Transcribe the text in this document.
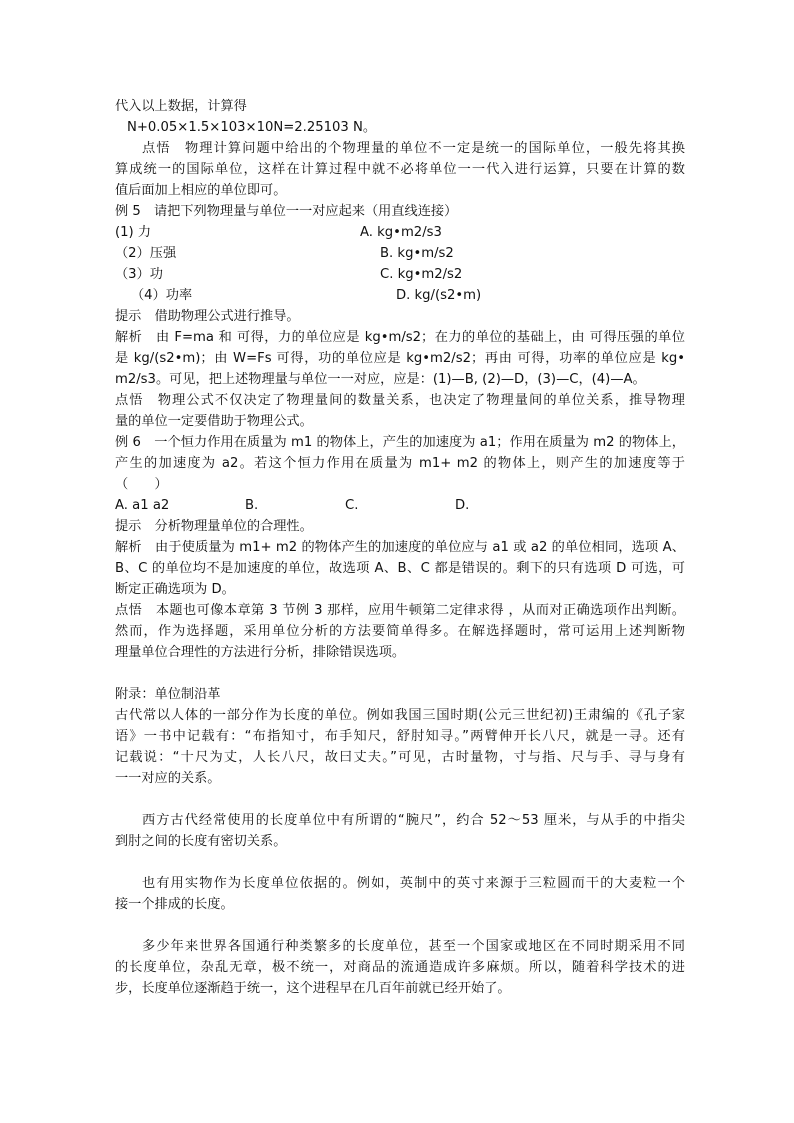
代入以上数据，计算得
N+0.05×1.5×103×10N=2.25103 N。
点悟　物理计算问题中给出的个物理量的单位不一定是统一的国际单位，一般先将其换
算成统一的国际单位，这样在计算过程中就不必将单位一一代入进行运算，只要在计算的数
值后面加上相应的单位即可。
例 5　请把下列物理量与单位一一对应起来（用直线连接）
(1) 力	A. kg•m2/s3
（2）压强	B. kg•m/s2
（3）功	C. kg•m2/s2
（4）功率	D. kg/(s2•m)
提示　借助物理公式进行推导。
解析　由 F=ma 和 可得，力的单位应是 kg•m/s2；在力的单位的基础上，由 可得压强的单位
是 kg/(s2•m)；由 W=Fs 可得，功的单位应是 kg•m2/s2；再由 可得，功率的单位应是 kg•
m2/s3。可见，把上述物理量与单位一一对应，应是：(1)—B, (2)—D，(3)—C，(4)—A。
点悟　物理公式不仅决定了物理量间的数量关系，也决定了物理量间的单位关系，推导物理
量的单位一定要借助于物理公式。
例 6　一个恒力作用在质量为 m1 的物体上，产生的加速度为 a1；作用在质量为 m2 的物体上，
产生的加速度为 a2。若这个恒力作用在质量为 m1+ m2 的物体上，则产生的加速度等于
（　　）
A. a1 a2	B.	C.	D.
提示　分析物理量单位的合理性。
解析　由于使质量为 m1+ m2 的物体产生的加速度的单位应与 a1 或 a2 的单位相同，选项 A、
B、C 的单位均不是加速度的单位，故选项 A、B、C 都是错误的。剩下的只有选项 D 可选，可
断定正确选项为 D。
点悟　本题也可像本章第 3 节例 3 那样，应用牛顿第二定律求得 ，从而对正确选项作出判断。
然而，作为选择题，采用单位分析的方法要简单得多。在解选择题时，常可运用上述判断物
理量单位合理性的方法进行分析，排除错误选项。
附录：单位制沿革
古代常以人体的一部分作为长度的单位。例如我国三国时期(公元三世纪初)王肃编的《孔子家
语》一书中记载有：“布指知寸，布手知尺，舒肘知寻。”两臂伸开长八尺，就是一寻。还有
记载说：“十尺为丈，人长八尺，故曰丈夫。”可见，古时量物，寸与指、尺与手、寻与身有
一一对应的关系。
西方古代经常使用的长度单位中有所谓的“腕尺”，约合 52～53 厘米，与从手的中指尖
到肘之间的长度有密切关系。
也有用实物作为长度单位依据的。例如，英制中的英寸来源于三粒圆而干的大麦粒一个
接一个排成的长度。
多少年来世界各国通行种类繁多的长度单位，甚至一个国家或地区在不同时期采用不同
的长度单位，杂乱无章，极不统一，对商品的流通造成许多麻烦。所以，随着科学技术的进
步，长度单位逐渐趋于统一，这个进程早在几百年前就已经开始了。
